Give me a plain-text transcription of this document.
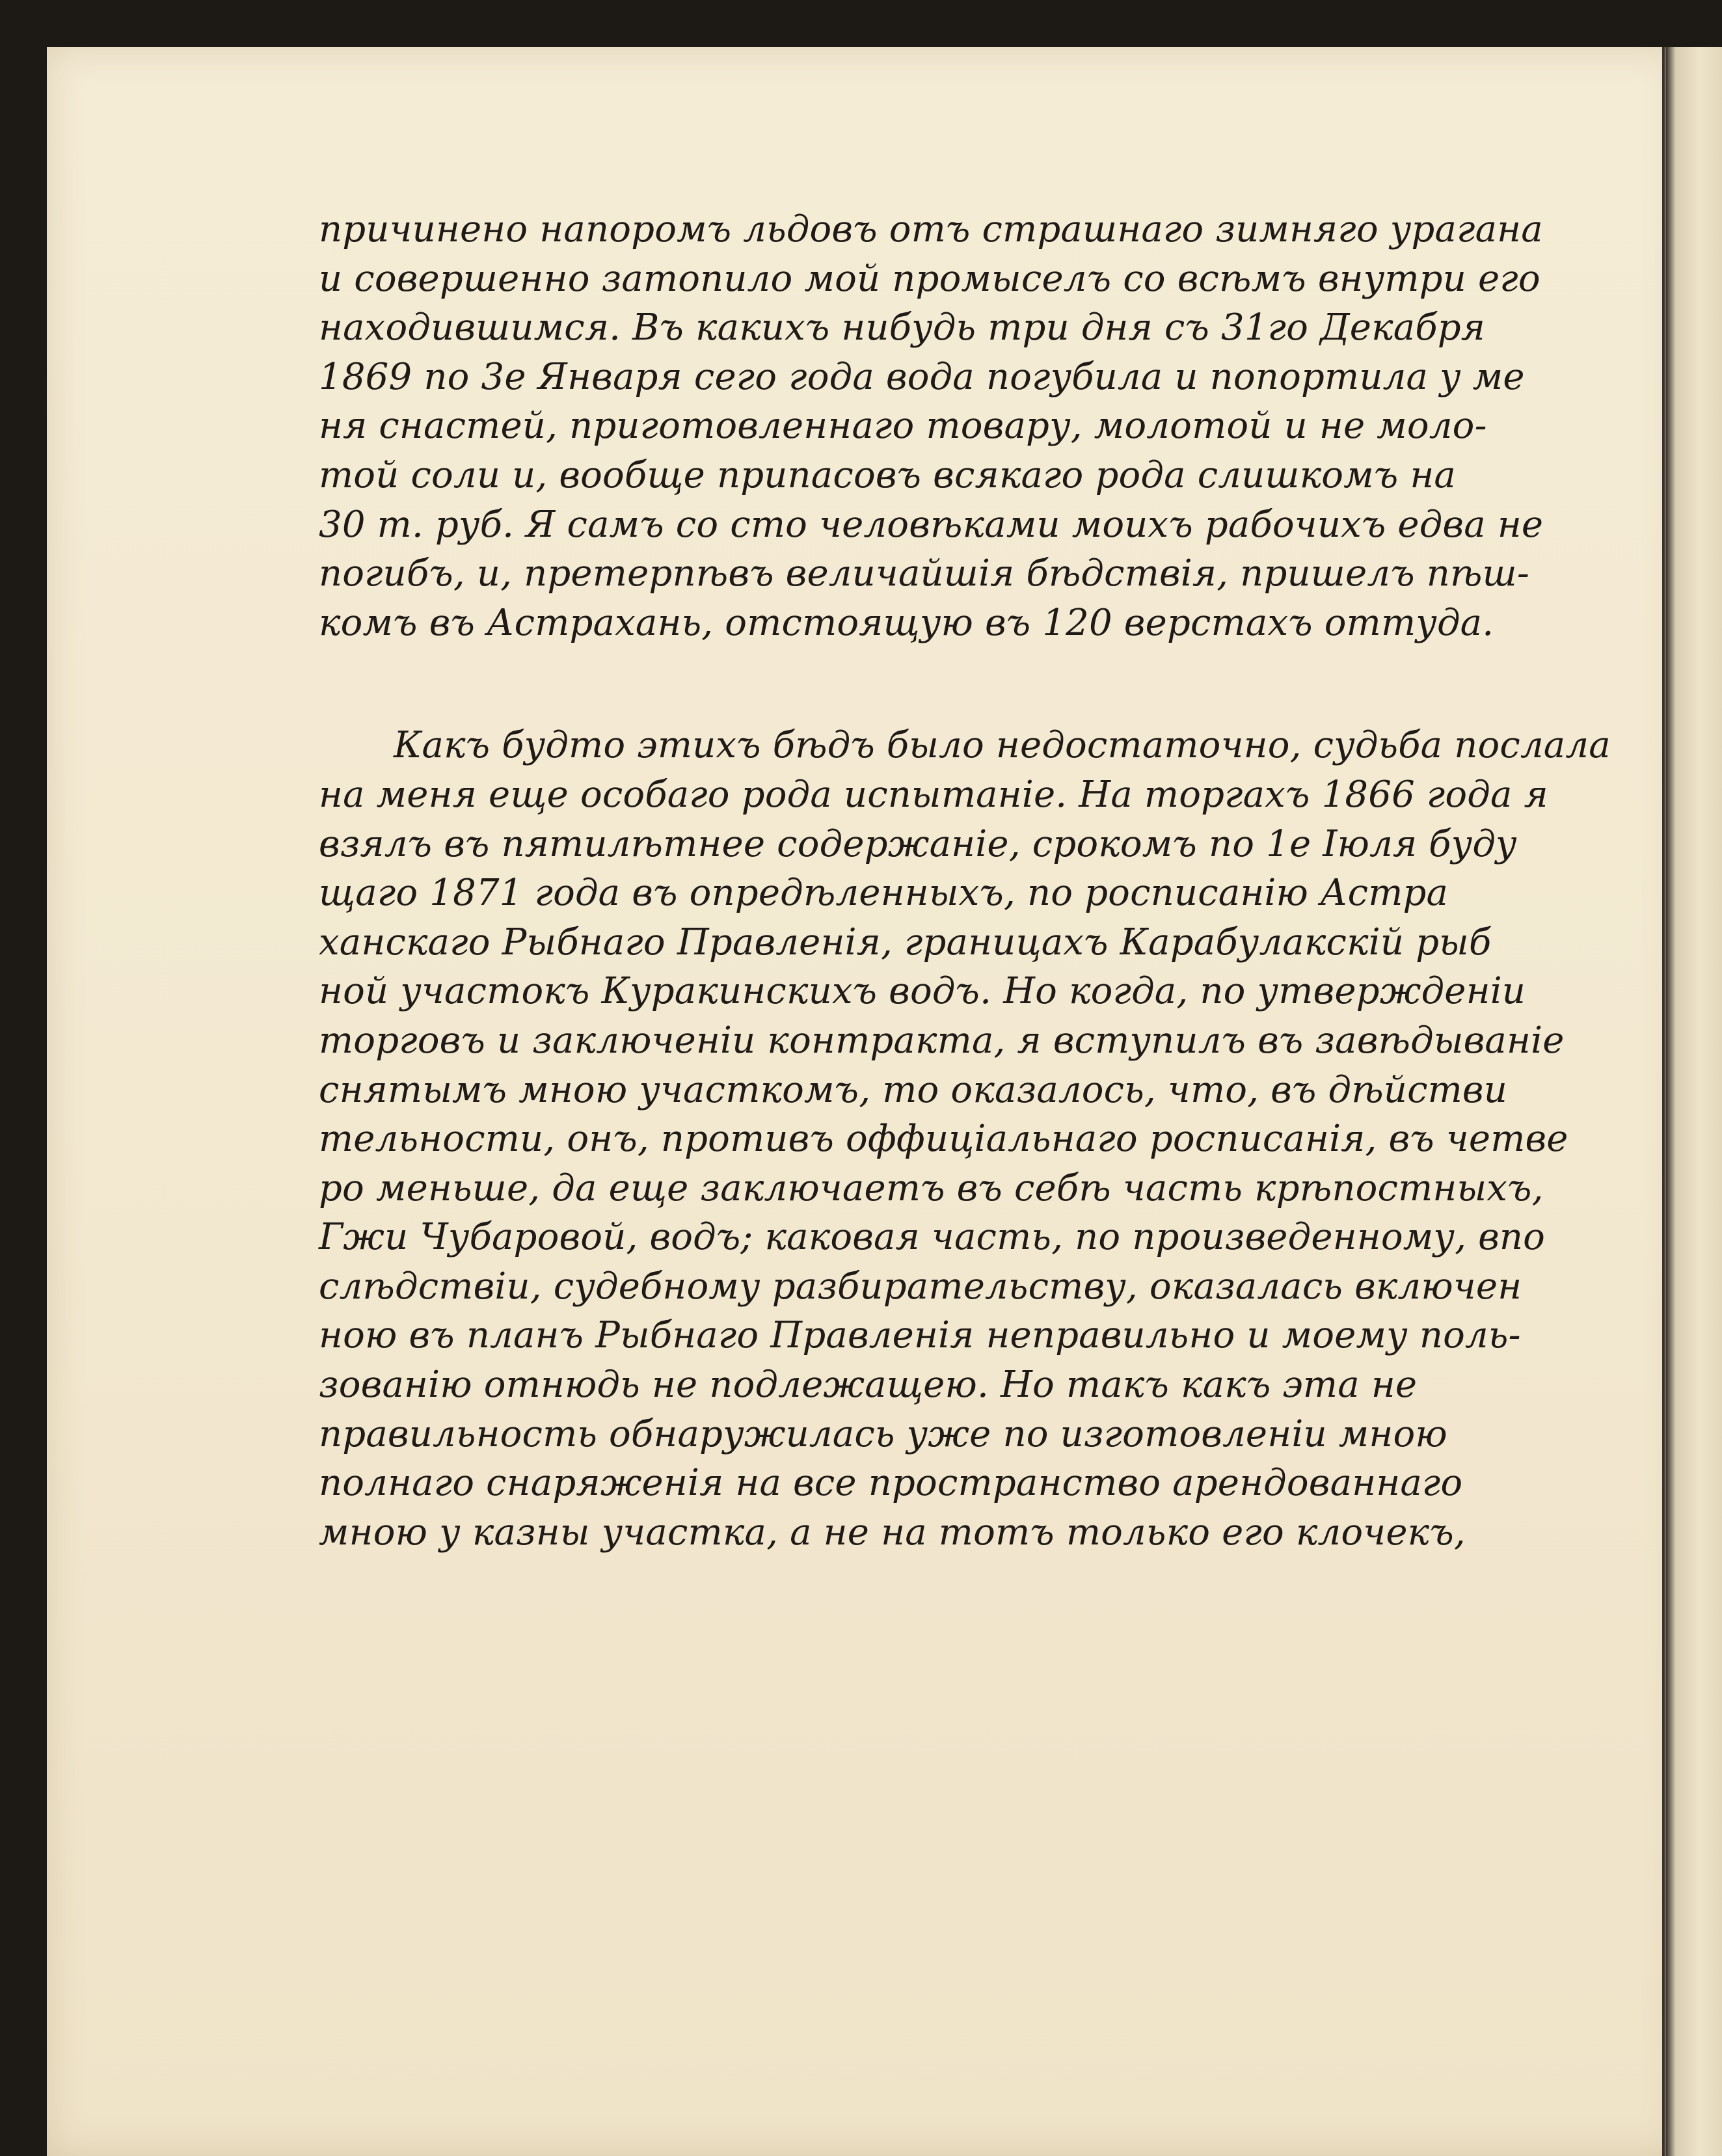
причинено напоромъ льдовъ отъ страшнаго зимняго урагана
и совершенно затопило мой промыселъ со всѣмъ внутри его
находившимся. Въ какихъ нибудь три дня съ 31го Декабря
1869 по 3е Января сего года вода погубила и попортила у ме
ня снастей, приготовленнаго товару, молотой и не моло-
той соли и, вообще припасовъ всякаго рода слишкомъ на
30 т. руб. Я самъ со сто человѣками моихъ рабочихъ едва не
погибъ, и, претерпѣвъ величайшія бѣдствія, пришелъ пѣш-
комъ въ Астрахань, отстоящую въ 120 верстахъ оттуда.
Какъ будто этихъ бѣдъ было недостаточно, судьба послала
на меня еще особаго рода испытаніе. На торгахъ 1866 года я
взялъ въ пятилѣтнее содержаніе, срокомъ по 1е Іюля буду
щаго 1871 года въ опредѣленныхъ, по росписанію Астра
ханскаго Рыбнаго Правленія, границахъ Карабулакскій рыб
ной участокъ Куракинскихъ водъ. Но когда, по утвержденіи
торговъ и заключеніи контракта, я вступилъ въ завѣдываніе
снятымъ мною участкомъ, то оказалось, что, въ дѣйстви
тельности, онъ, противъ оффиціальнаго росписанія, въ четве
ро меньше, да еще заключаетъ въ себѣ часть крѣпостныхъ,
Гжи Чубаровой, водъ; каковая часть, по произведенному, впо
слѣдствіи, судебному разбирательству, оказалась включен
ною въ планъ Рыбнаго Правленія неправильно и моему поль-
зованію отнюдь не подлежащею. Но такъ какъ эта не
правильность обнаружилась уже по изготовленіи мною
полнаго снаряженія на все пространство арендованнаго
мною у казны участка, а не на тотъ только его клочекъ,
